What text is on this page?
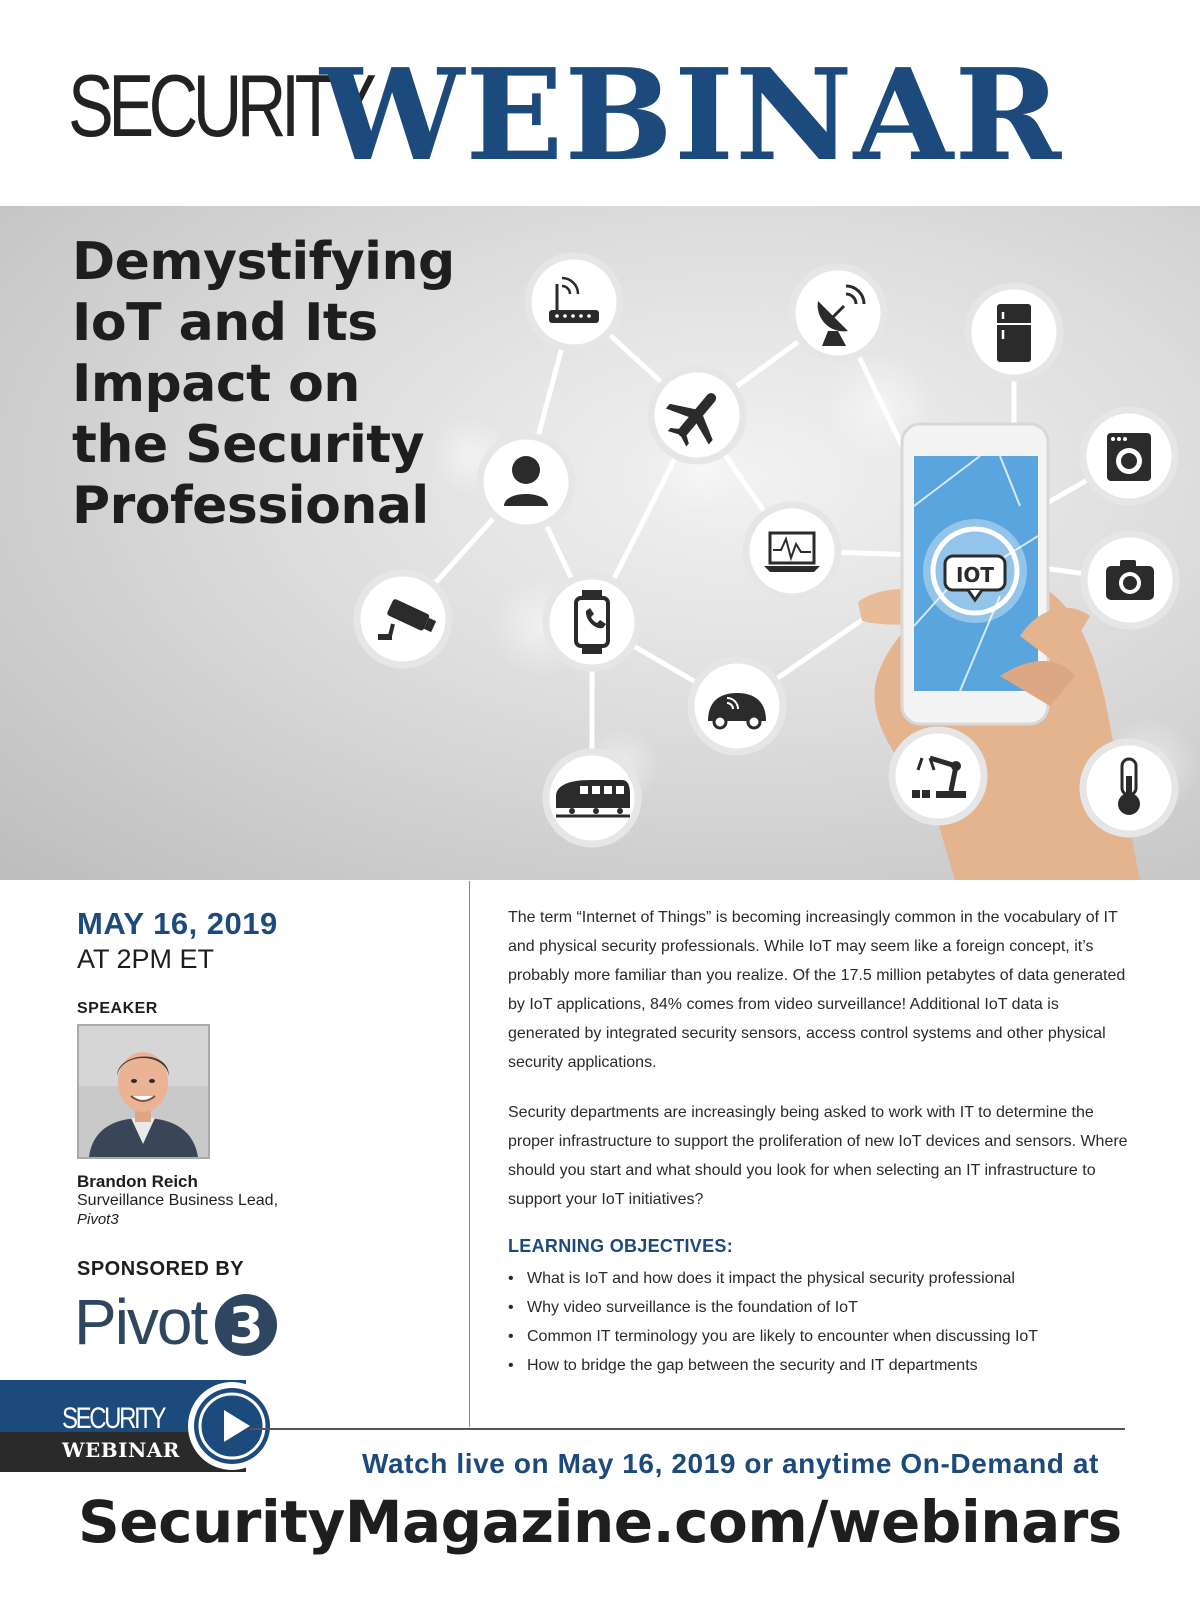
SECURITY
WEBINAR
IOT
Demystifying
IoT and Its
Impact on
the Security
Professional
MAY 16, 2019
AT 2PM ET
SPEAKER
Brandon Reich
Surveillance Business Lead,
Pivot3
SPONSORED BY
Pivot 3

The term “Internet of Things” is becoming increasingly common in the vocabulary of IT and physical security professionals. While IoT may seem like a foreign concept, it’s probably more familiar than you realize. Of the 17.5 million petabytes of data generated by IoT applications, 84% comes from video surveillance! Additional IoT data is generated by integrated security sensors, access control systems and other physical security applications.

Security departments are increasingly being asked to work with IT to determine the proper infrastructure to support the proliferation of new IoT devices and sensors. Where should you start and what should you look for when selecting an IT infrastructure to support your IoT initiatives?

LEARNING OBJECTIVES:
• What is IoT and how does it impact the physical security professional
• Why video surveillance is the foundation of IoT
• Common IT terminology you are likely to encounter when discussing IoT
• How to bridge the gap between the security and IT departments
SECURITY
WEBINAR	Watch live on May 16, 2019 or anytime On-Demand at
SecurityMagazine.com/webinars
